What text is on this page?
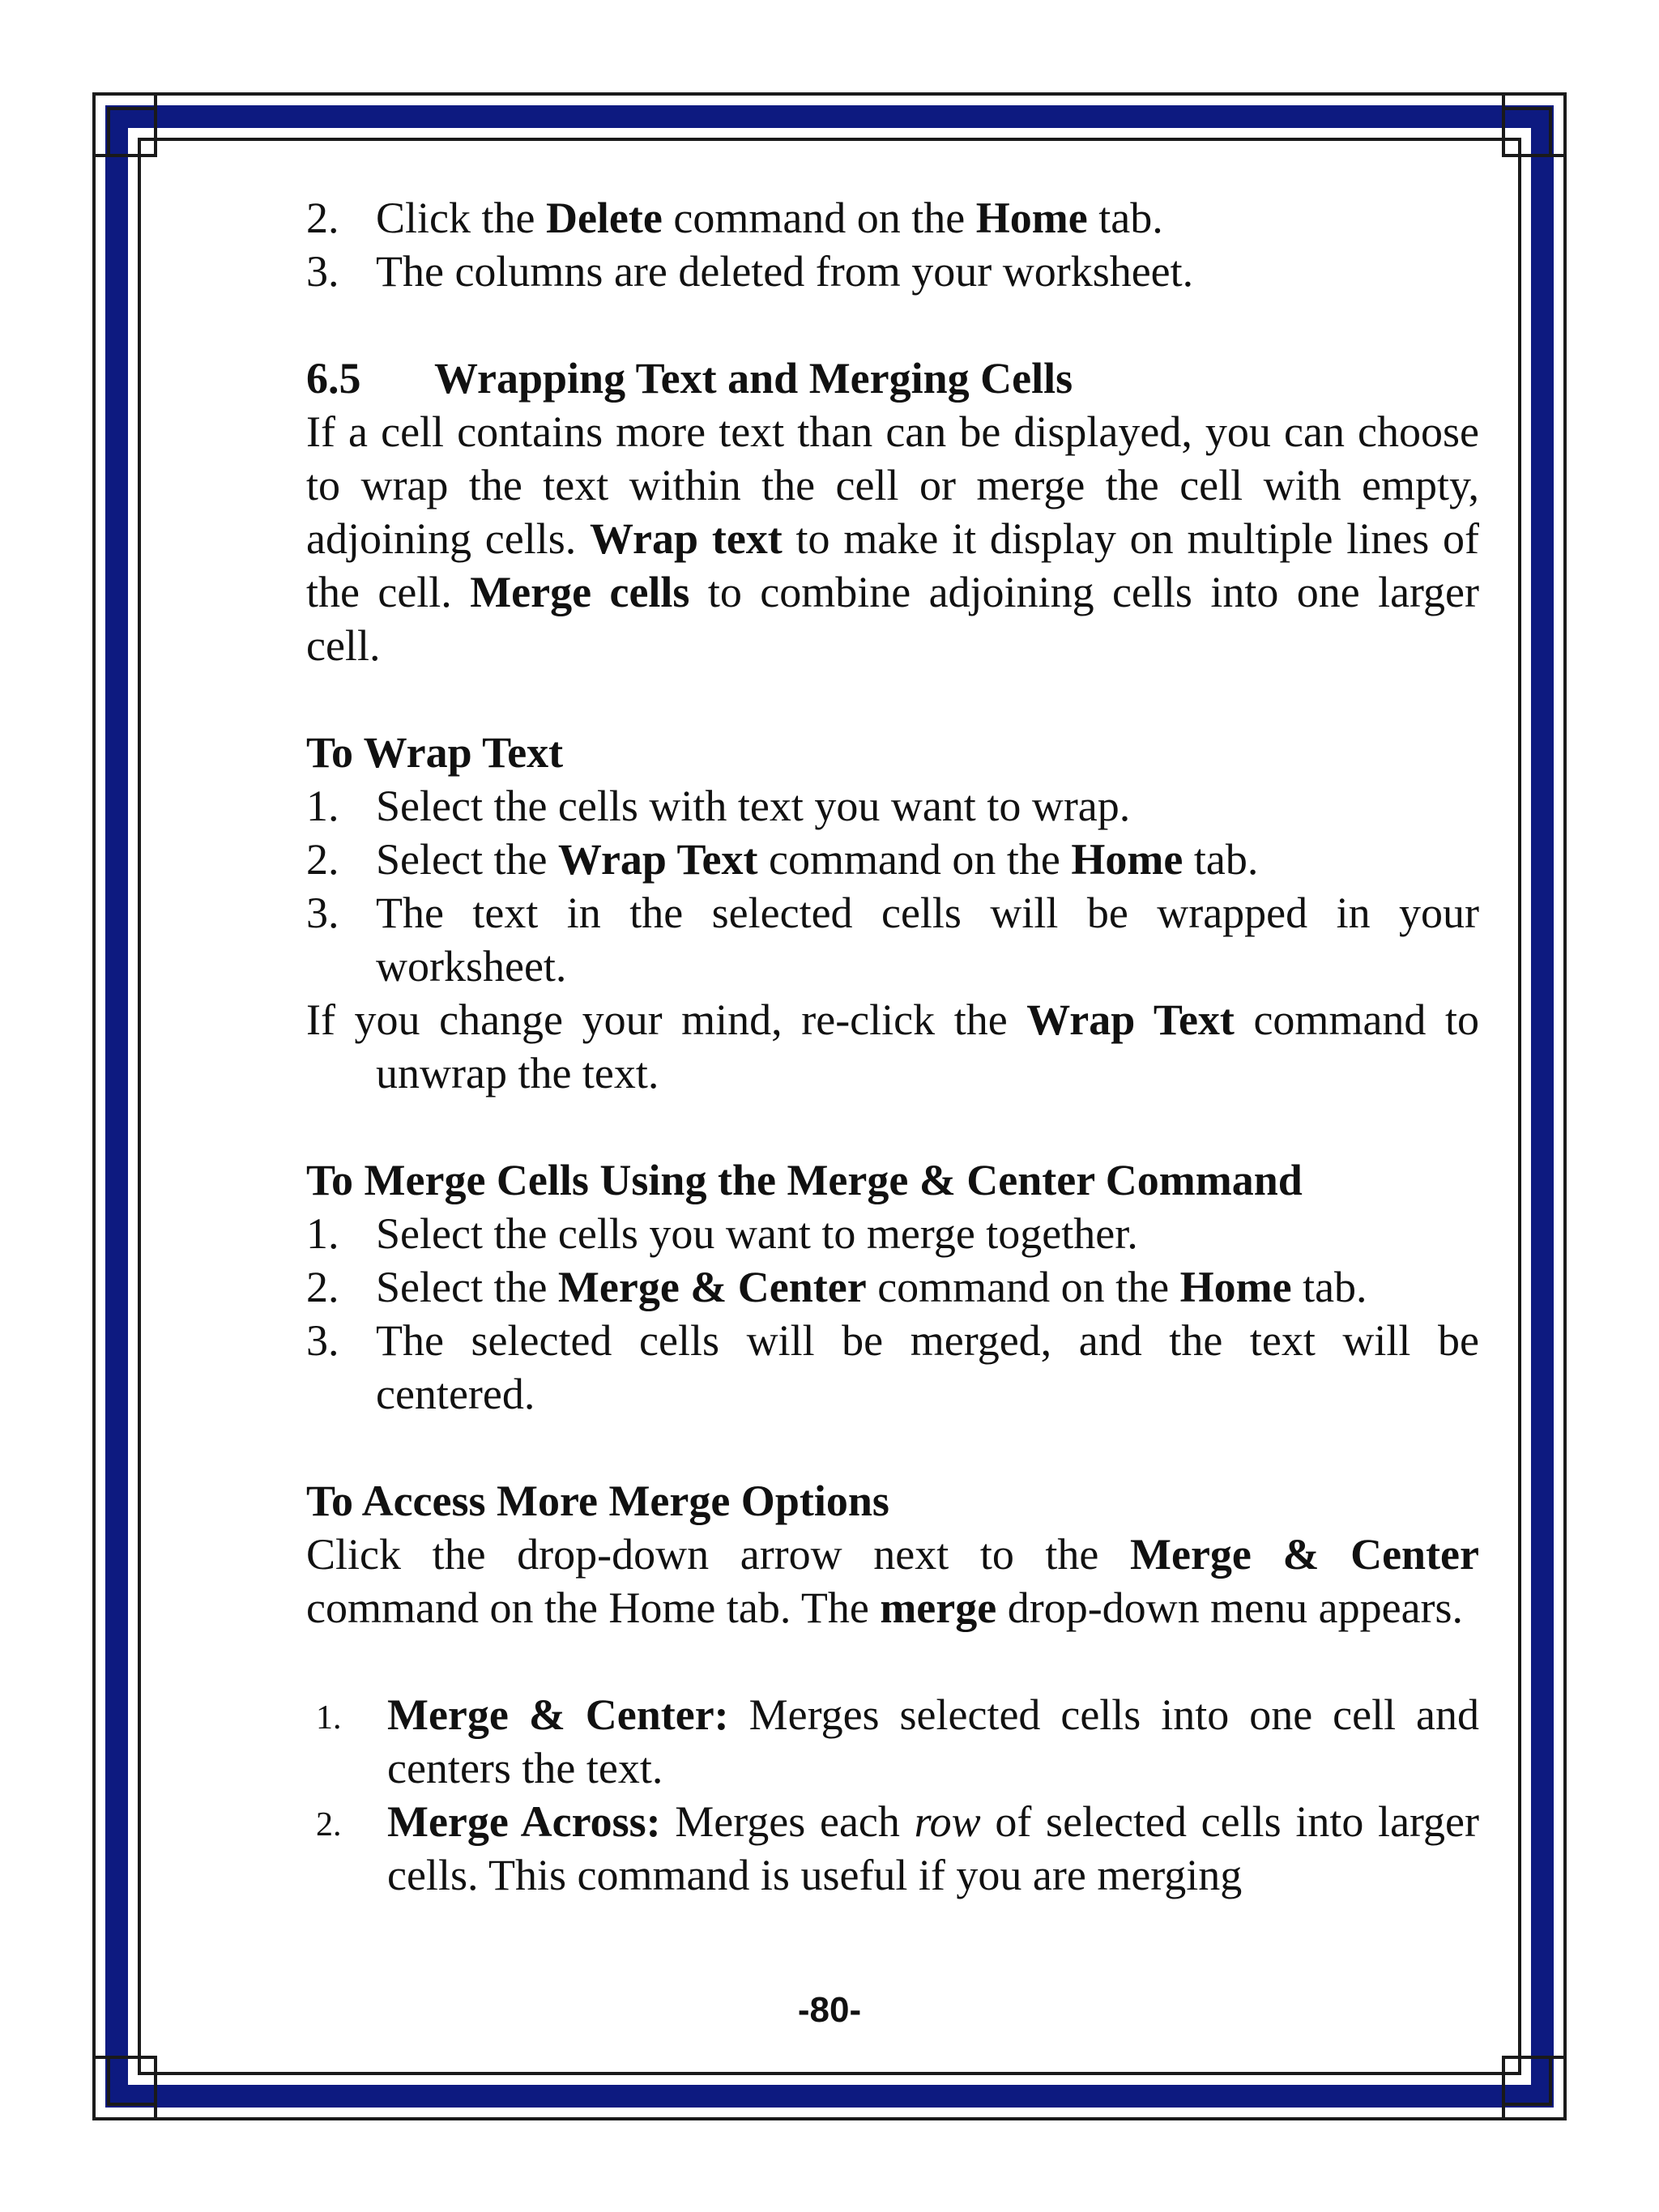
2. Click the Delete command on the Home tab.
3. The columns are deleted from your worksheet.
6.5 Wrapping Text and Merging Cells

If a cell contains more text than can be displayed, you can choose to wrap the text within the cell or merge the cell with empty, adjoining cells. Wrap text to make it display on multiple lines of the cell. Merge cells to combine adjoining cells into one larger cell.

To Wrap Text
1. Select the cells with text you want to wrap.
2. Select the Wrap Text command on the Home tab.
3. The text in the selected cells will be wrapped in your worksheet.
If you change your mind, re-click the Wrap Text command to unwrap the text.
To Merge Cells Using the Merge & Center Command
1. Select the cells you want to merge together.
2. Select the Merge & Center command on the Home tab.
3. The selected cells will be merged, and the text will be centered.
To Access More Merge Options

Click the drop-down arrow next to the Merge & Center command on the Home tab. The merge drop-down menu appears.

1. Merge & Center: Merges selected cells into one cell and centers the text.
2. Merge Across: Merges each row of selected cells into larger cells. This command is useful if you are merging
-80-
